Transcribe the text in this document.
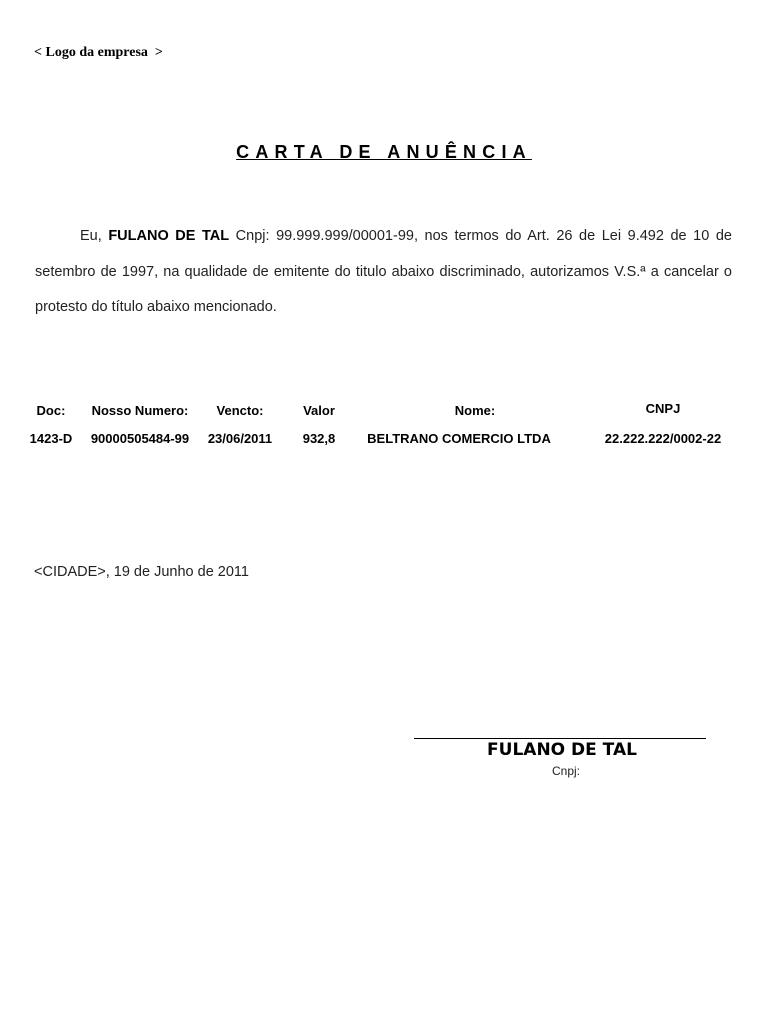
< Logo da empresa  >
CARTA DE ANUÊNCIA
Eu, FULANO DE TAL Cnpj: 99.999.999/00001-99, nos termos do Art. 26 de Lei 9.492 de 10 de setembro de 1997, na qualidade de emitente do titulo abaixo discriminado, autorizamos V.S.ª a cancelar o protesto do título abaixo mencionado.
Doc:	Nosso Numero:	Vencto:	Valor	Nome:	CNPJ
1423-D	90000505484-99	23/06/2011	932,8	BELTRANO COMERCIO LTDA	22.222.222/0002-22
<CIDADE>, 19 de Junho de 2011
FULANO DE TAL
Cnpj:
